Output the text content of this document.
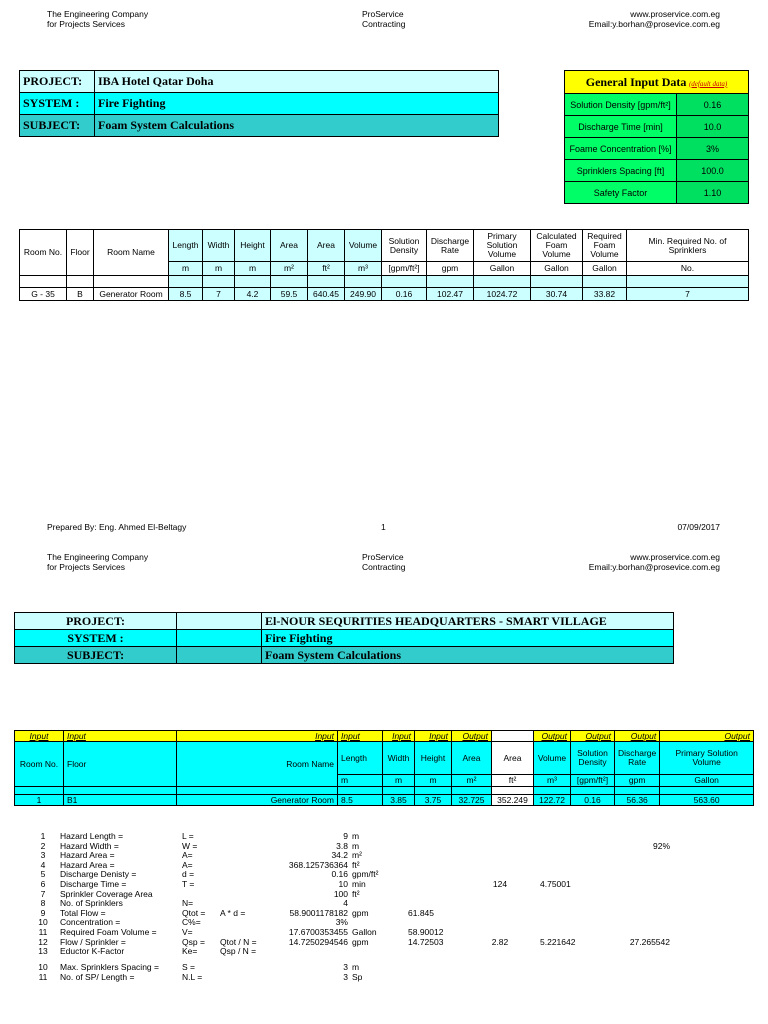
The Engineering Company
for Projects Services
ProService
Contracting
www.proservice.com.eg
Email:y.borhan@prosevice.com.eg
PROJECT:	IBA Hotel Qatar Doha
SYSTEM :	Fire Fighting
SUBJECT:	Foam System Calculations
General Input Data (default data)	
Solution Density [gpm/ft²]	0.16
Discharge Time [min]	10.0
Foame Concentration [%]	3%
Sprinklers Spacing [ft]	100.0
Safety Factor	1.10
Room No.	Floor	Room Name	Length	Width	Height	Area	Area	Volume	Solution Density	Discharge Rate	Primary Solution Volume	Calculated Foam Volume	Required Foam Volume	Min. Required No. of Sprinklers
			m	m	m	m²	ft²	m³	[gpm/ft²]	gpm	Gallon	Gallon	Gallon	No.

G - 35	B	Generator Room	8.5	7	4.2	59.5	640.45	249.90	0.16	102.47	1024.72	30.74	33.82	7
Prepared By: Eng. Ahmed El-Beltagy	1	07/09/2017
The Engineering Company
for Projects Services
ProService
Contracting
www.proservice.com.eg
Email:y.borhan@prosevice.com.eg
PROJECT:		El-NOUR SEQURITIES HEADQUARTERS - SMART VILLAGE
SYSTEM :		Fire Fighting
SUBJECT:		Foam System Calculations
Input	Input	Input	Input	Input	Input	Output		Output	Output	Output	Output
Room No.	Floor	Room Name	Length	Width	Height	Area	Area	Volume	Solution Density	Discharge Rate	Primary Solution Volume
			m	m	m	m²	ft²	m³	[gpm/ft²]	gpm	Gallon

1	B1	Generator Room	8.5	3.85	3.75	32.725	352.249	122.72	0.16	56.36	563.60
1	Hazard Length =	L =		9	m				
2	Hazard Width =	W =		3.8	m				92%
3	Hazard Area =	A=		34.2	m²				
4	Hazard Area =	A=		368.125736364	ft²				
5	Discharge Denisty =	d =		0.16	gpm/ft²				
6	Discharge Time =	T =		10	min		124	4.75001	
7	Sprinkler Coverage Area			100	ft²				
8	No. of Sprinklers	N=		4					
9	Total Flow =	Qtot =	A * d =	58.9001178182	gpm	61.845			
10	Concentration =	C%=		3%					
11	Required Foam Volume =	V=		17.6700353455	Gallon	58.90012			
12	Flow / Sprinkler =	Qsp =	Qtot / N =	14.7250294546	gpm	14.72503	2.82	5.221642	27.265542
13	Eductor K-Factor	Ke=	Qsp / N =						
10	Max. Sprinklers Spacing =	S =		3	m				
11	No. of SP/ Length =	N.L =		3	Sp				
